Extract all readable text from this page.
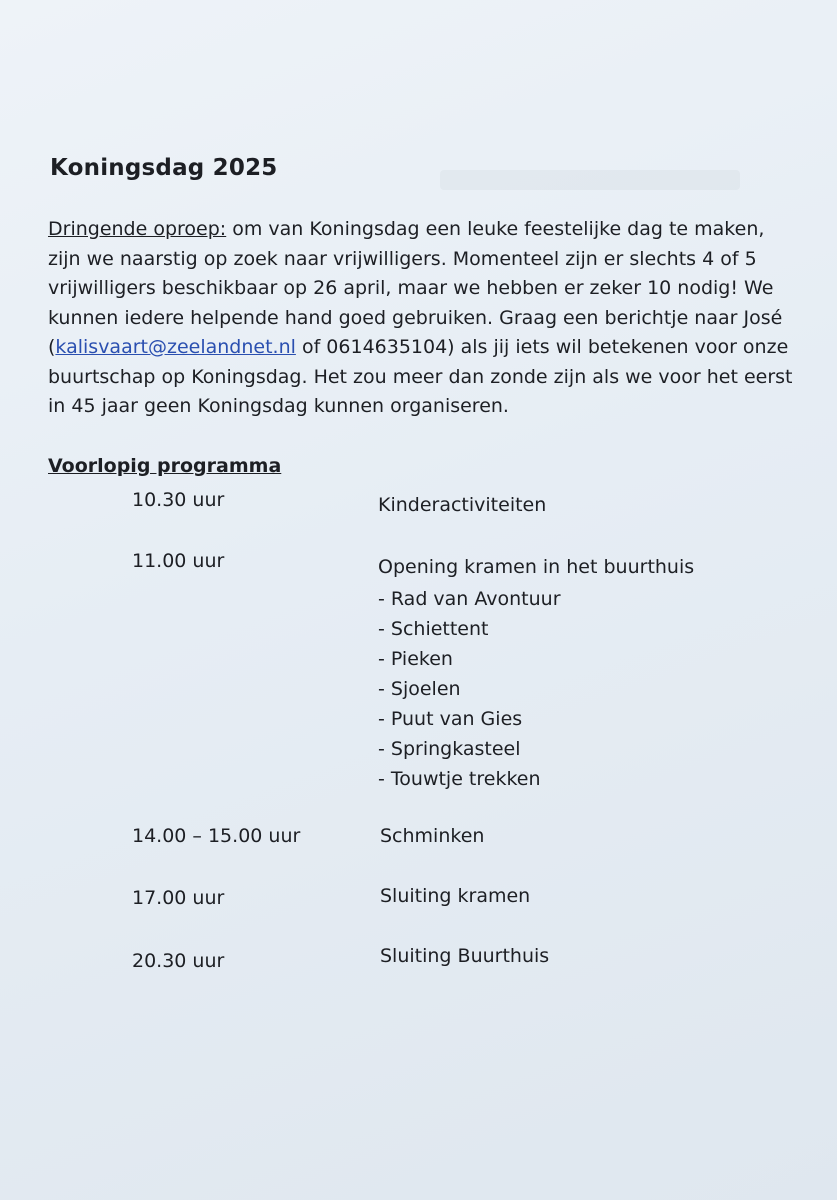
Koningsdag 2025

Dringende oproep: om van Koningsdag een leuke feestelijke dag te maken,
zijn we naarstig op zoek naar vrijwilligers. Momenteel zijn er slechts 4 of 5
vrijwilligers beschikbaar op 26 april, maar we hebben er zeker 10 nodig! We
kunnen iedere helpende hand goed gebruiken. Graag een berichtje naar José
(kalisvaart@zeelandnet.nl of 0614635104) als jij iets wil betekenen voor onze
buurtschap op Koningsdag. Het zou meer dan zonde zijn als we voor het eerst
in 45 jaar geen Koningsdag kunnen organiseren.

Voorlopig programma
10.30 uur	Kinderactiviteiten
11.00 uur	Opening kramen in het buurthuis
- Rad van Avontuur
- Schiettent
- Pieken
- Sjoelen
- Puut van Gies
- Springkasteel
- Touwtje trekken
14.00 – 15.00 uur	Schminken
17.00 uur	Sluiting kramen
20.30 uur	Sluiting Buurthuis
